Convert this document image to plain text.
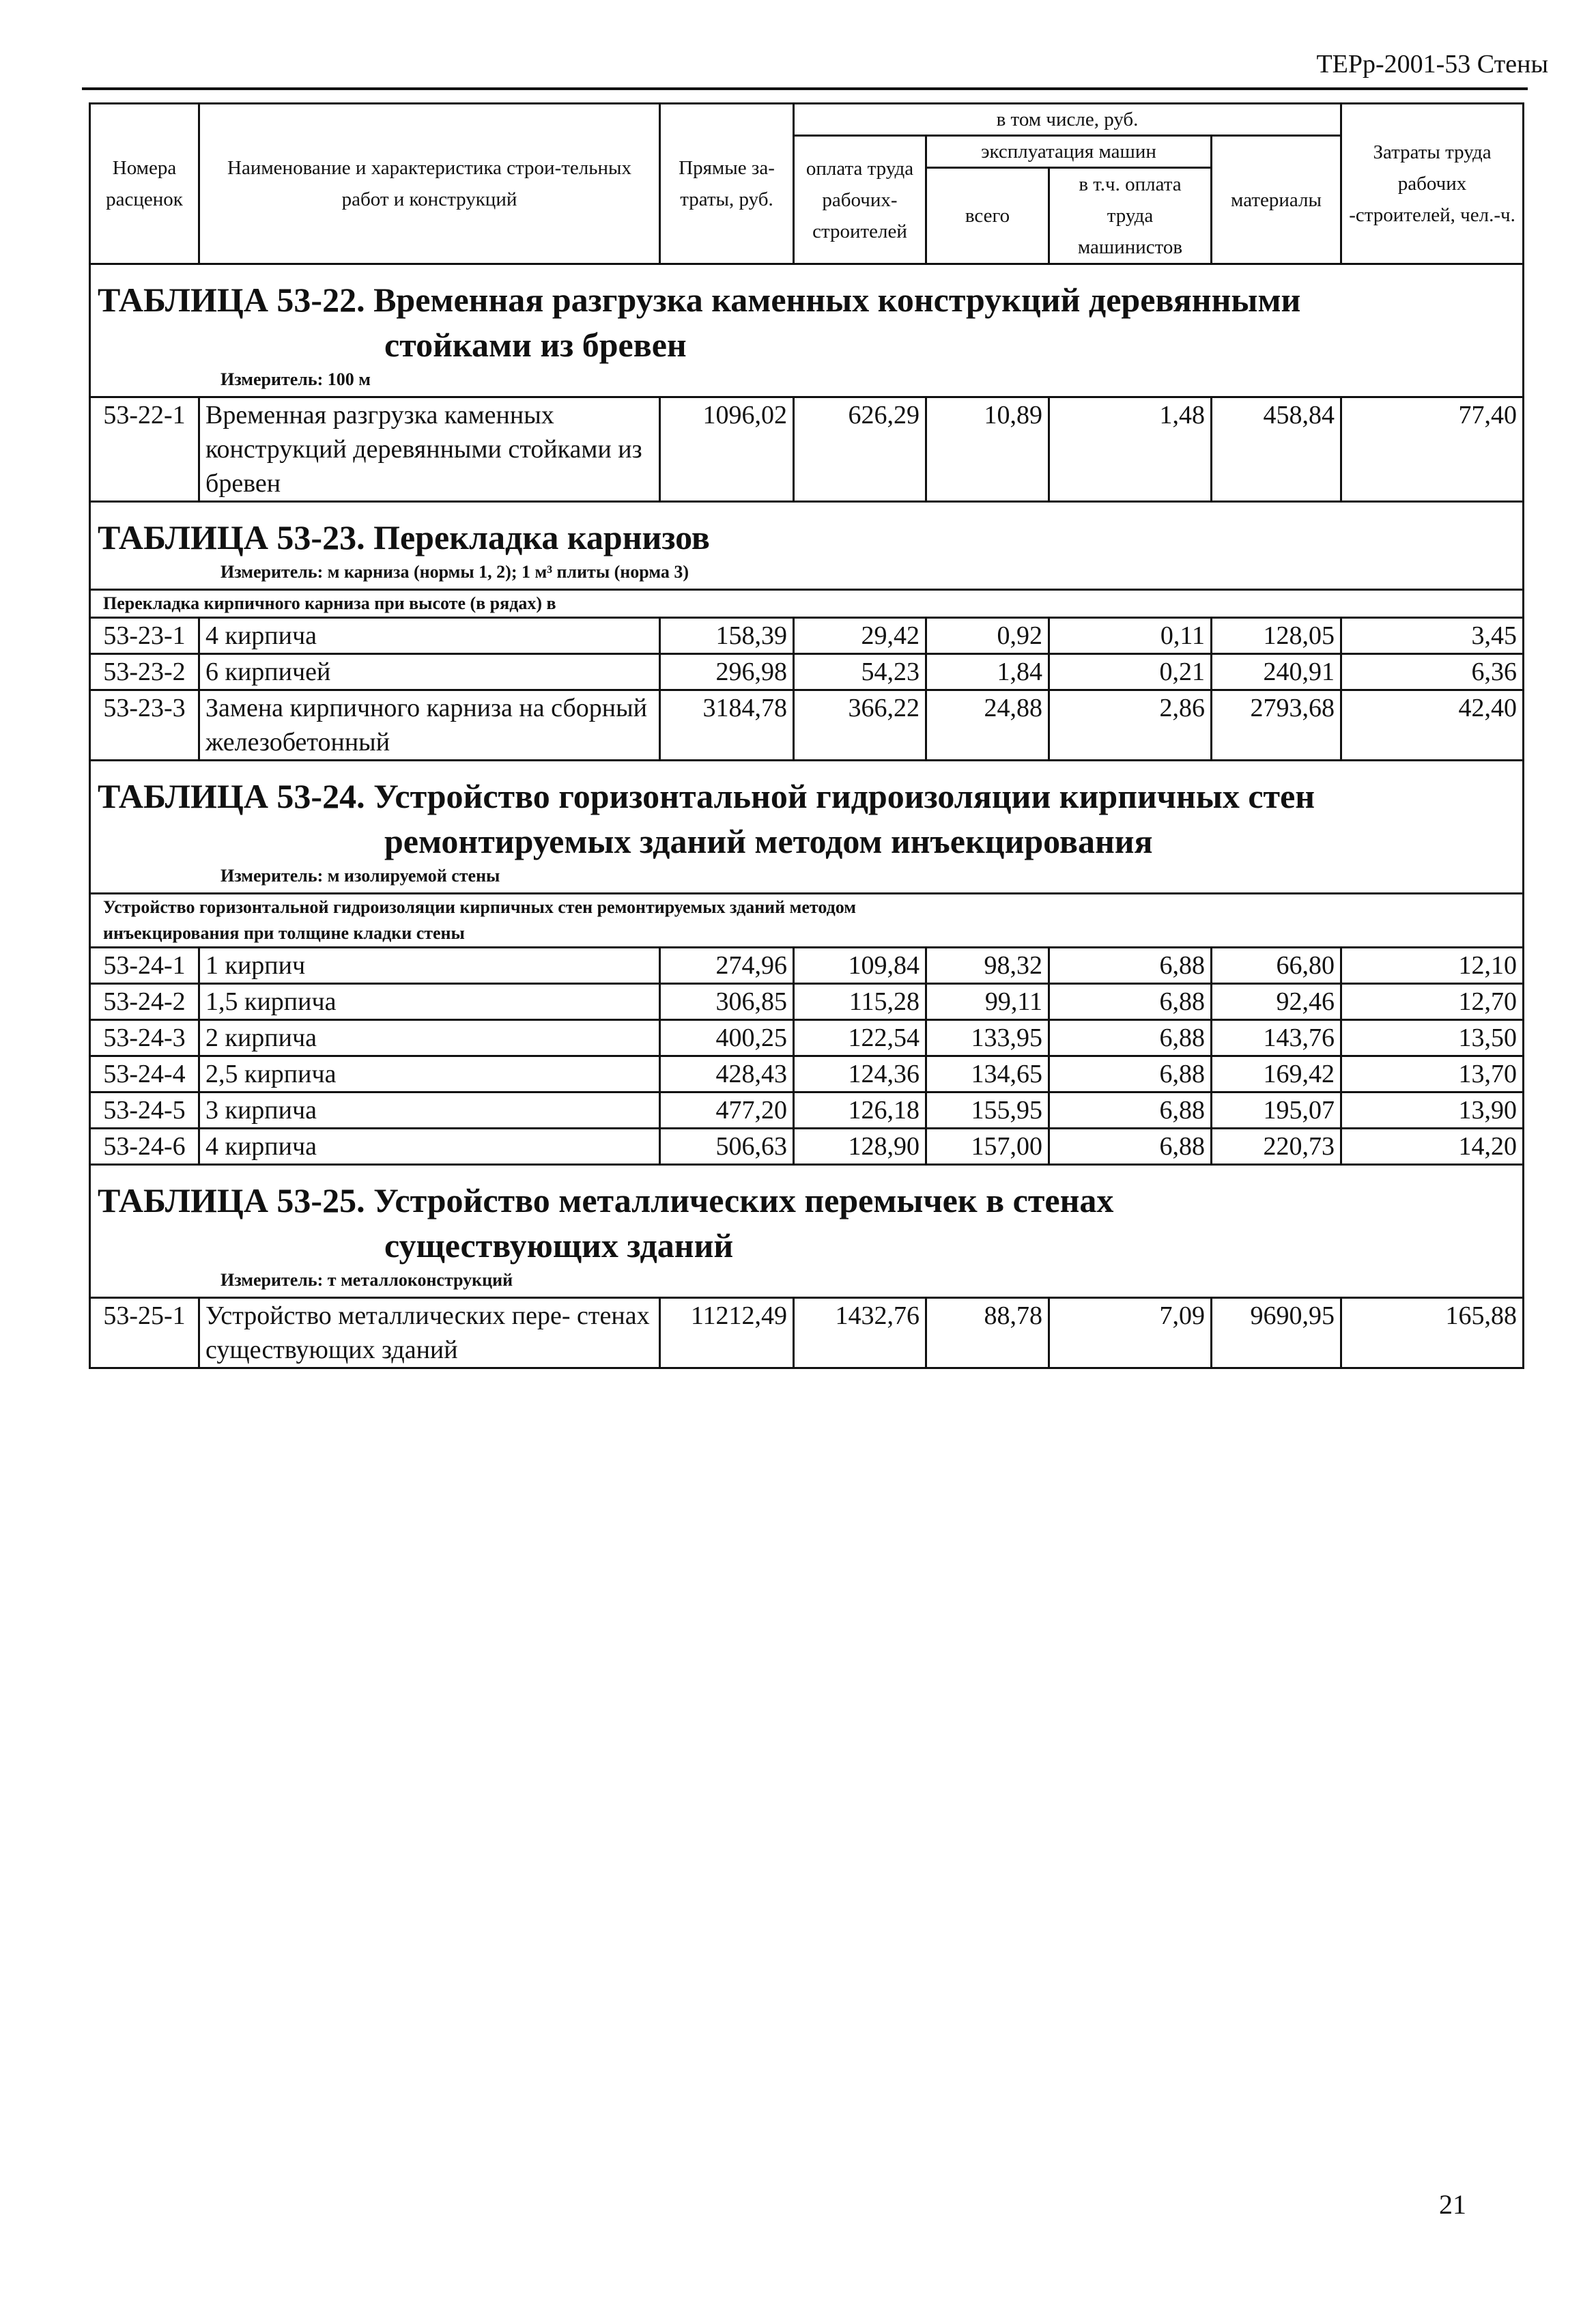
ТЕРр-2001-53 Стены
Номера расценок	Наименование и характеристика строи-тельных работ и конструкций	Прямые за-траты, руб.	в том числе, руб.				Затраты труда рабочих -строителей, чел.-ч.
			оплата труда рабочих-строителей	эксплуатация машин		материалы	
				всего	в т.ч. оплата труда машинистов		

ТАБЛИЦА 53-22. Временная разгрузка каменных конструкций деревянными
стойками из бревен
Измеритель: 100 м							

53-22-1	Временная разгрузка каменных конструкций деревянными стойками из бревен	1096,02	626,29	10,89	1,48	458,84	77,40

ТАБЛИЦА 53-23. Перекладка карнизов
Измеритель: м карниза (нормы 1, 2); 1 м³ плиты (норма 3)							

Перекладка кирпичного карниза при высоте (в рядах) в							

53-23-1	4 кирпича	158,39	29,42	0,92	0,11	128,05	3,45
53-23-2	6 кирпичей	296,98	54,23	1,84	0,21	240,91	6,36
53-23-3	Замена кирпичного карниза на сборный железобетонный	3184,78	366,22	24,88	2,86	2793,68	42,40

ТАБЛИЦА 53-24. Устройство горизонтальной гидроизоляции кирпичных стен
ремонтируемых зданий методом инъекцирования
Измеритель: м изолируемой стены							

Устройство горизонтальной гидроизоляции кирпичных стен ремонтируемых зданий методом
инъекцирования при толщине кладки стены							

53-24-1	1 кирпич	274,96	109,84	98,32	6,88	66,80	12,10
53-24-2	1,5 кирпича	306,85	115,28	99,11	6,88	92,46	12,70
53-24-3	2 кирпича	400,25	122,54	133,95	6,88	143,76	13,50
53-24-4	2,5 кирпича	428,43	124,36	134,65	6,88	169,42	13,70
53-24-5	3 кирпича	477,20	126,18	155,95	6,88	195,07	13,90
53-24-6	4 кирпича	506,63	128,90	157,00	6,88	220,73	14,20

ТАБЛИЦА 53-25. Устройство металлических перемычек в стенах
существующих зданий
Измеритель: т металлоконструкций							

53-25-1	Устройство металлических пере- стенах существующих зданий	11212,49	1432,76	88,78	7,09	9690,95	165,88
21
